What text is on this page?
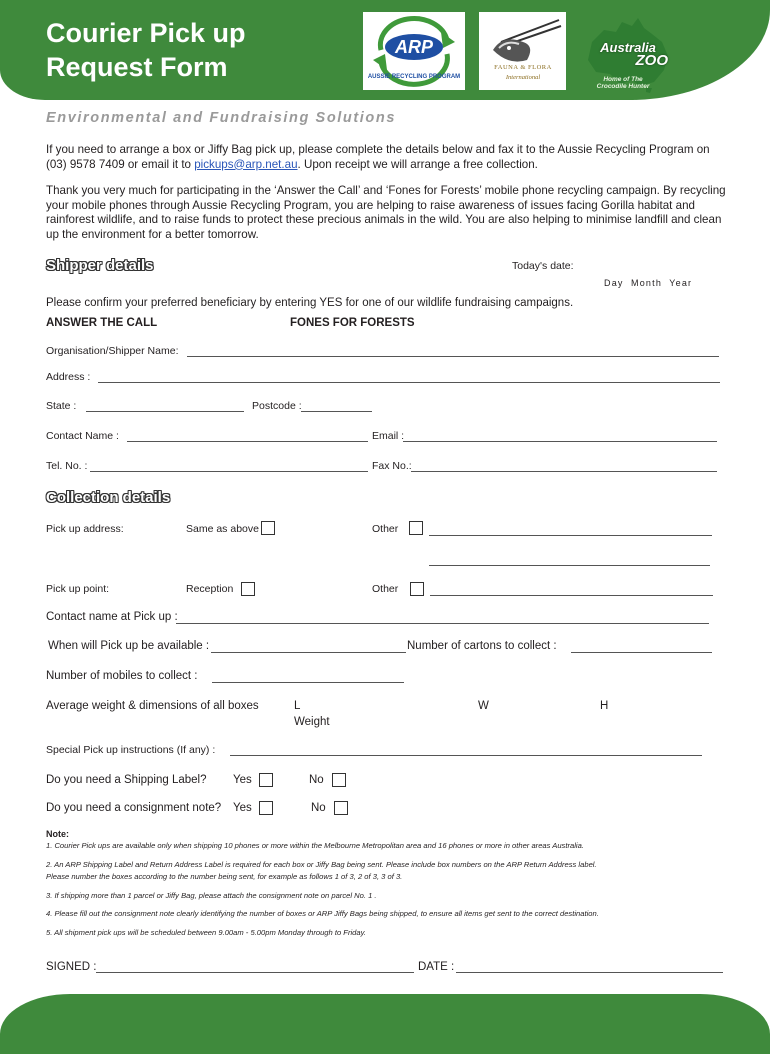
Courier Pick up
Request Form
ARP
AUSSIE RECYCLING PROGRAM
FAUNA & FLORA
International
Australia
ZOO
Home of The
Crocodile Hunter
Environmental and Fundraising Solutions
If you need to arrange a box or Jiffy Bag pick up, please complete the details below and fax it to the Aussie Recycling Program on (03) 9578 7409 or email it to pickups@arp.net.au. Upon receipt we will arrange a free collection.
Thank you very much for participating in the ‘Answer the Call’ and ‘Fones for Forests’ mobile phone recycling campaign. By recycling your mobile phones through Aussie Recycling Program, you are helping to raise awareness of issues facing Gorilla habitat and rainforest wildlife, and to raise funds to protect these precious animals in the wild. You are also helping to minimise landfill and clean up the environment for a better tomorrow.
Shipper details	Today's date:
Day  Month  Year
Please confirm your preferred beneficiary by entering YES for one of our wildlife fundraising campaigns.
ANSWER THE CALL	FONES FOR FORESTS
Organisation/Shipper Name:
Address :
State :	Postcode :
Contact Name :	Email :
Tel. No. :	Fax No.:
Collection details
Pick up address:	Same as above	Other
Pick up point:	Reception	Other
Contact name at Pick up :
When will Pick up be available :	Number of cartons to collect :
Number of mobiles to collect :
Average weight & dimensions of all boxes	L	W	H
Weight
Special Pick up instructions (If any) :
Do you need a Shipping Label? Yes	No
Do you need a consignment note? Yes	No
Note:
1. Courier Pick ups are available only when shipping 10 phones or more within the Melbourne Metropolitan area and 16 phones or more in other areas Australia.
2. An ARP Shipping Label and Return Address Label is required for each box or Jiffy Bag being sent. Please include box numbers on the ARP Return Address label.
Please number the boxes according to the number being sent, for example as follows 1 of 3, 2 of 3, 3 of 3.
3. If shipping more than 1 parcel or Jiffy Bag, please attach the consignment note on parcel No. 1 .
4. Please fill out the consignment note clearly identifying the number of boxes or ARP Jiffy Bags being shipped, to ensure all items get sent to the correct destination.
5. All shipment pick ups will be scheduled between 9.00am - 5.00pm Monday through to Friday.
SIGNED :	DATE :
